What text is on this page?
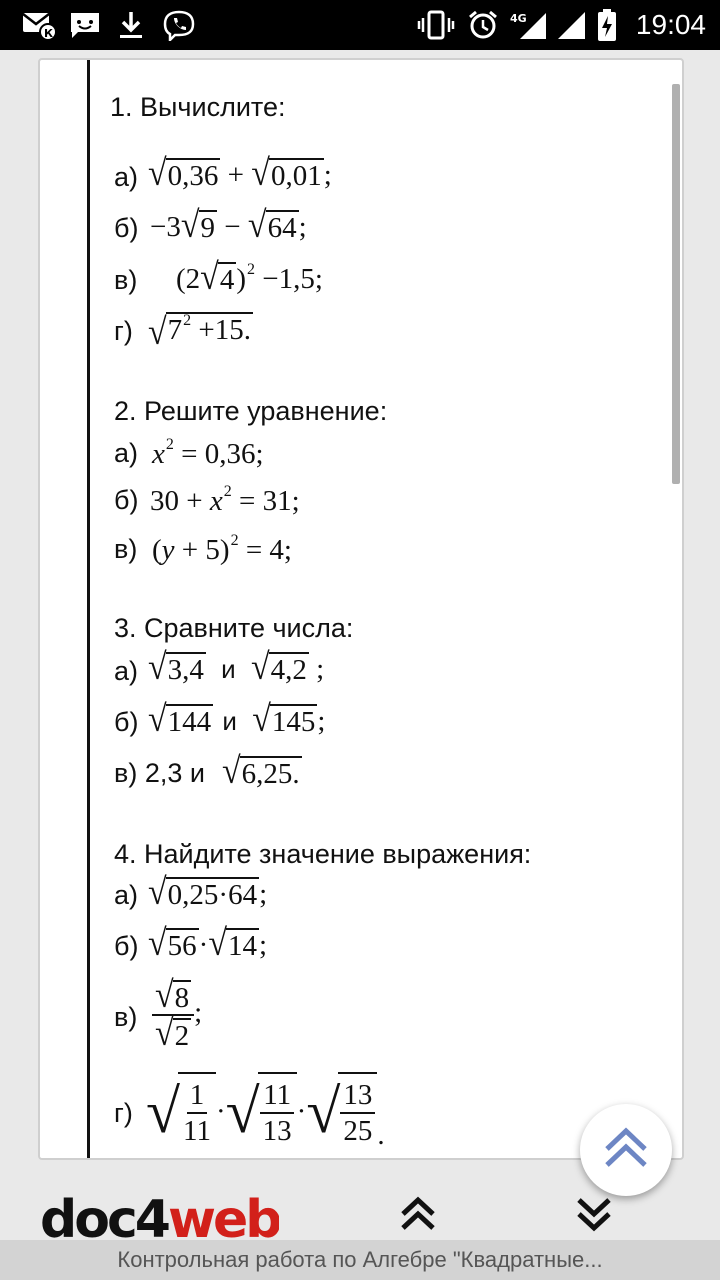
К
4G	19:04
1. Вычислите:
а) √ 0,36 + √ 0,01 ;
б) −3 √ 9 − √ 64 ;
в) (2 √ 4 )$^2$ −1,5;
г) √ $7^2 +15$.
2. Решите уравнение:
а) $x^2 = 0,36$;
б) $30 + x^2 = 31$;
в) $(y + 5)^2 = 4$;
3. Сравните числа:
а) √ 3,4 и √ 4,2 ;
б) √ 144 и √ 145 ;
в) 2,3 и √ 6,25.
4. Найдите значение выражения:
а) √ 0,25·64 ;
б) √ 56 · √ 14 ;
$в) \frac{√ 8}{√ 2}$ ;
г) √ $\frac{1}{11}$ · √ $\frac{11}{13}$ · √ $\frac{13}{25}$ .
doc4web
Контрольная работа по Алгебре "Квадратные...
